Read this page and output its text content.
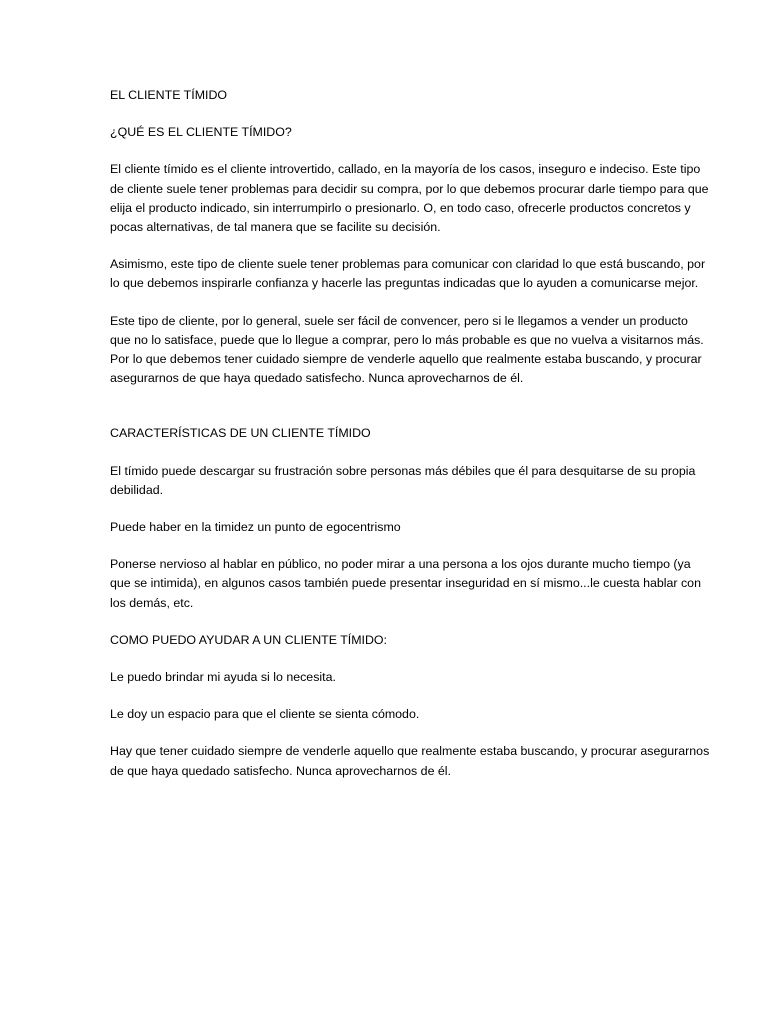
EL CLIENTE TÍMIDO

¿QUÉ ES EL CLIENTE TÍMIDO?

El cliente tímido es el cliente introvertido, callado, en la mayoría de los casos, inseguro e indeciso. Este tipo de cliente suele tener problemas para decidir su compra, por lo que debemos procurar darle tiempo para que elija el producto indicado, sin interrumpirlo o presionarlo. O, en todo caso, ofrecerle productos concretos y pocas alternativas, de tal manera que se facilite su decisión.

Asimismo, este tipo de cliente suele tener problemas para comunicar con claridad lo que está buscando, por lo que debemos inspirarle confianza y hacerle las preguntas indicadas que lo ayuden a comunicarse mejor.

Este tipo de cliente, por lo general, suele ser fácil de convencer, pero si le llegamos a vender un producto que no lo satisface, puede que lo llegue a comprar, pero lo más probable es que no vuelva a visitarnos más. Por lo que debemos tener cuidado siempre de venderle aquello que realmente estaba buscando, y procurar asegurarnos de que haya quedado satisfecho. Nunca aprovecharnos de él.

CARACTERÍSTICAS DE UN CLIENTE TÍMIDO

El tímido puede descargar su frustración sobre personas más débiles que él para desquitarse de su propia debilidad.

Puede haber en la timidez un punto de egocentrismo

Ponerse nervioso al hablar en público, no poder mirar a una persona a los ojos durante mucho tiempo (ya que se intimida), en algunos casos también puede presentar inseguridad en sí mismo...le cuesta hablar con los demás, etc.

COMO PUEDO AYUDAR A UN CLIENTE TÍMIDO:

Le puedo brindar mi ayuda si lo necesita.

Le doy un espacio para que el cliente se sienta cómodo.

Hay que tener cuidado siempre de venderle aquello que realmente estaba buscando, y procurar asegurarnos de que haya quedado satisfecho. Nunca aprovecharnos de él.
